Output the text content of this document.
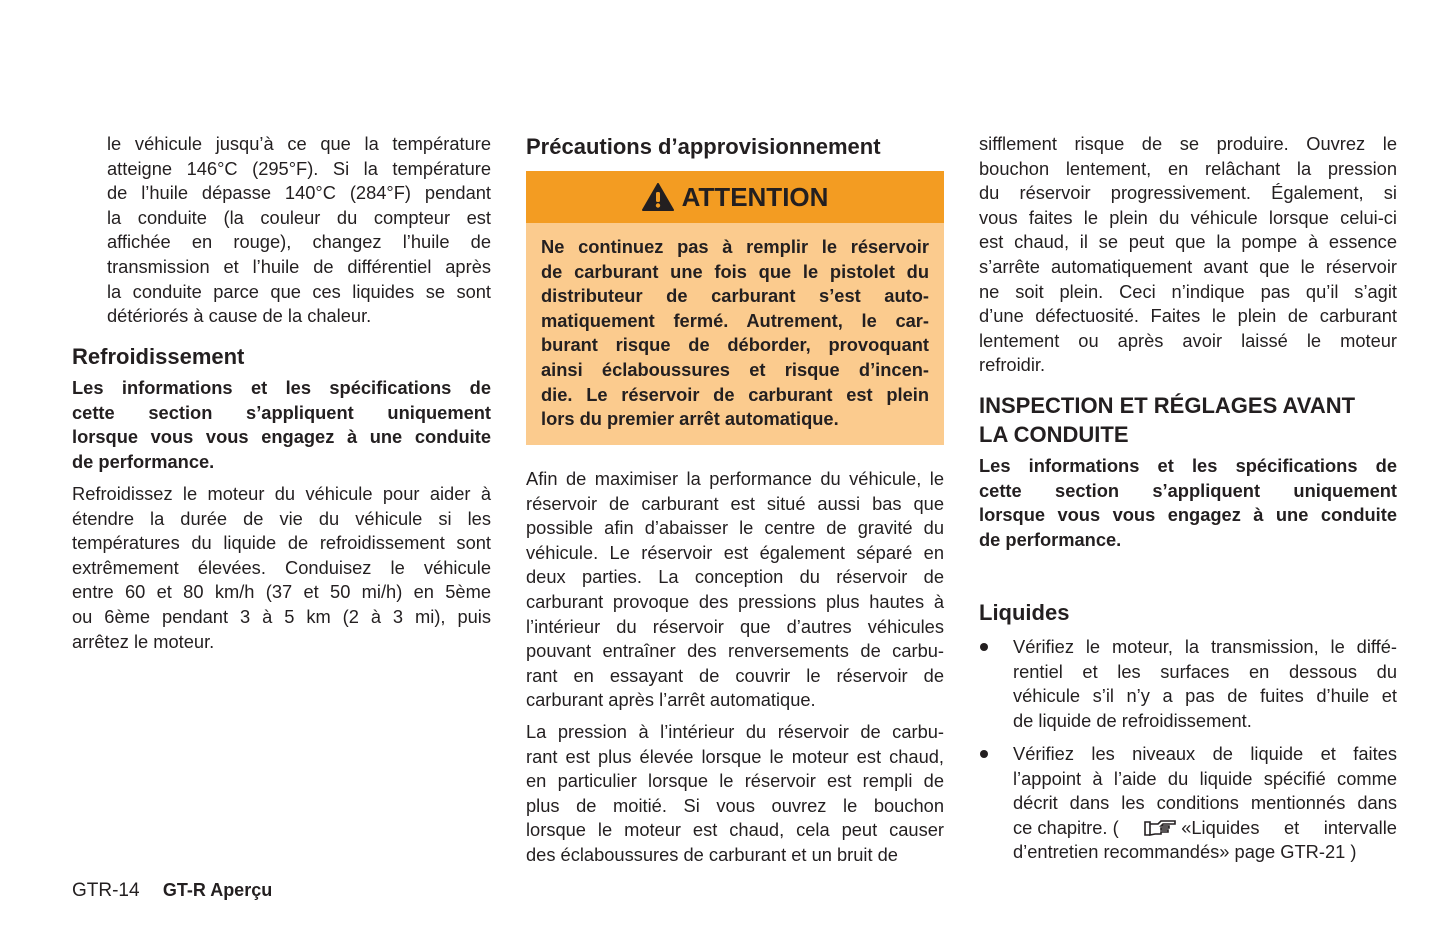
le véhicule jusqu’à ce que la température
atteigne 146°C (295°F). Si la température
de l’huile dépasse 140°C (284°F) pendant
la conduite (la couleur du compteur est
affichée en rouge), changez l’huile de
transmission et l’huile de différentiel après
la conduite parce que ces liquides se sont
détériorés à cause de la chaleur.
Refroidissement
Les informations et les spécifications de
cette section s’appliquent uniquement
lorsque vous vous engagez à une conduite
de performance.
Refroidissez le moteur du véhicule pour aider à
étendre la durée de vie du véhicule si les
températures du liquide de refroidissement sont
extrêmement élevées. Conduisez le véhicule
entre 60 et 80 km/h (37 et 50 mi/h) en 5ème
ou 6ème pendant 3 à 5 km (2 à 3 mi), puis
arrêtez le moteur.
Précautions d’approvisionnement
ATTENTION
Ne continuez pas à remplir le réservoir
de carburant une fois que le pistolet du
distributeur de carburant s’est auto-
matiquement fermé. Autrement, le car-
burant risque de déborder, provoquant
ainsi éclaboussures et risque d’incen-
die. Le réservoir de carburant est plein
lors du premier arrêt automatique.
Afin de maximiser la performance du véhicule, le
réservoir de carburant est situé aussi bas que
possible afin d’abaisser le centre de gravité du
véhicule. Le réservoir est également séparé en
deux parties. La conception du réservoir de
carburant provoque des pressions plus hautes à
l’intérieur du réservoir que d’autres véhicules
pouvant entraîner des renversements de carbu-
rant en essayant de couvrir le réservoir de
carburant après l’arrêt automatique.
La pression à l’intérieur du réservoir de carbu-
rant est plus élevée lorsque le moteur est chaud,
en particulier lorsque le réservoir est rempli de
plus de moitié. Si vous ouvrez le bouchon
lorsque le moteur est chaud, cela peut causer
des éclaboussures de carburant et un bruit de
sifflement risque de se produire. Ouvrez le
bouchon lentement, en relâchant la pression
du réservoir progressivement. Également, si
vous faites le plein du véhicule lorsque celui-ci
est chaud, il se peut que la pompe à essence
s’arrête automatiquement avant que le réservoir
ne soit plein. Ceci n’indique pas qu’il s’agit
d’une défectuosité. Faites le plein de carburant
lentement ou après avoir laissé le moteur
refroidir.
INSPECTION ET RÉGLAGES AVANT
LA CONDUITE
Les informations et les spécifications de
cette section s’appliquent uniquement
lorsque vous vous engagez à une conduite
de performance.
Liquides
Vérifiez le moteur, la transmission, le diffé-
rentiel et les surfaces en dessous du
véhicule s’il n’y a pas de fuites d’huile et
de liquide de refroidissement.
Vérifiez les niveaux de liquide et faites
l’appoint à l’aide du liquide spécifié comme
décrit dans les conditions mentionnés dans
ce chapitre. (	«Liquides et intervalle
d’entretien recommandés» page GTR-21 )
GTR-14 GT-R Aperçu
